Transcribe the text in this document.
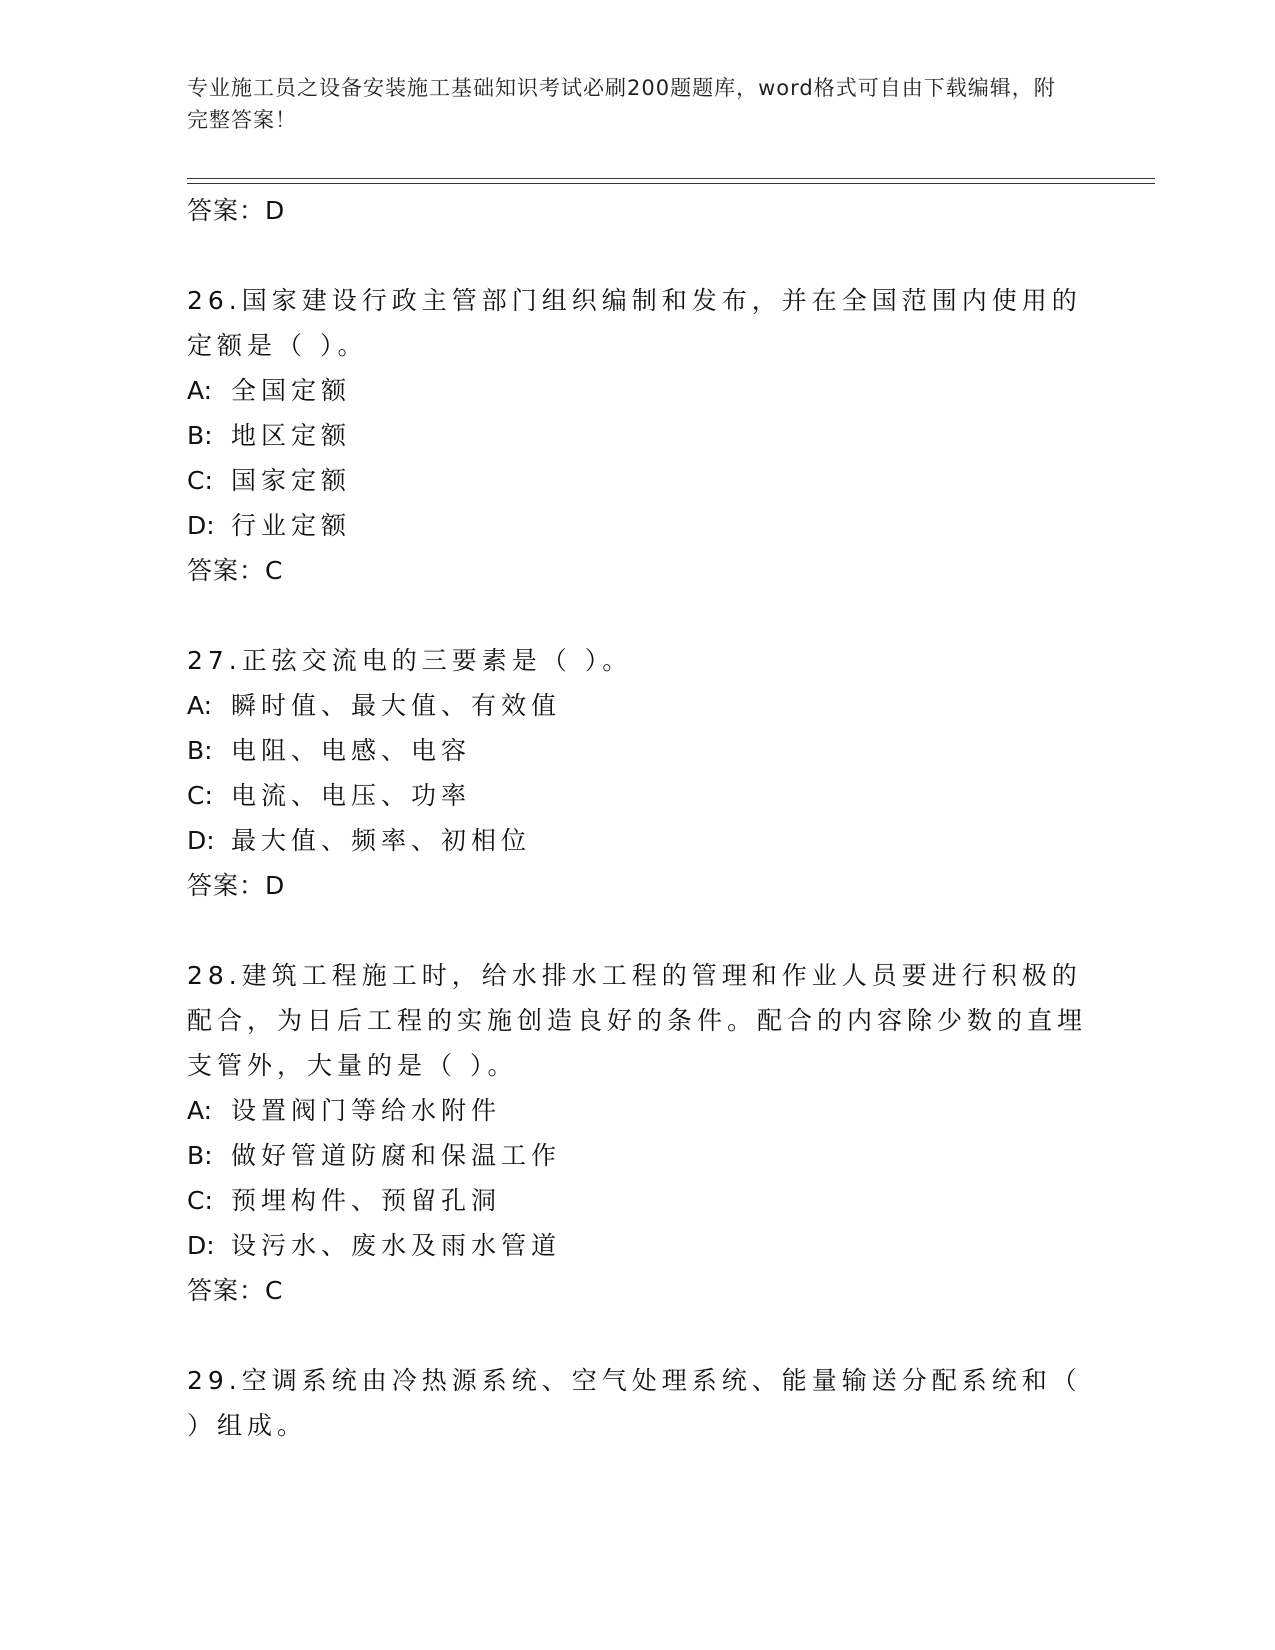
专业施工员之设备安装施工基础知识考试必刷200题题库，word格式可自由下载编辑，附完整答案！
答案：D
26.国家建设行政主管部门组织编制和发布，并在全国范围内使用的定额是（ ）。
A: 全国定额
B: 地区定额
C: 国家定额
D: 行业定额
答案：C
27.正弦交流电的三要素是（ ）。
A: 瞬时值、最大值、有效值
B: 电阻、电感、电容
C: 电流、电压、功率
D: 最大值、频率、初相位
答案：D
28.建筑工程施工时，给水排水工程的管理和作业人员要进行积极的配合，为日后工程的实施创造良好的条件。配合的内容除少数的直埋支管外，大量的是（ ）。
A: 设置阀门等给水附件
B: 做好管道防腐和保温工作
C: 预埋构件、预留孔洞
D: 设污水、废水及雨水管道
答案：C
29.空调系统由冷热源系统、空气处理系统、能量输送分配系统和（ ）组成。
